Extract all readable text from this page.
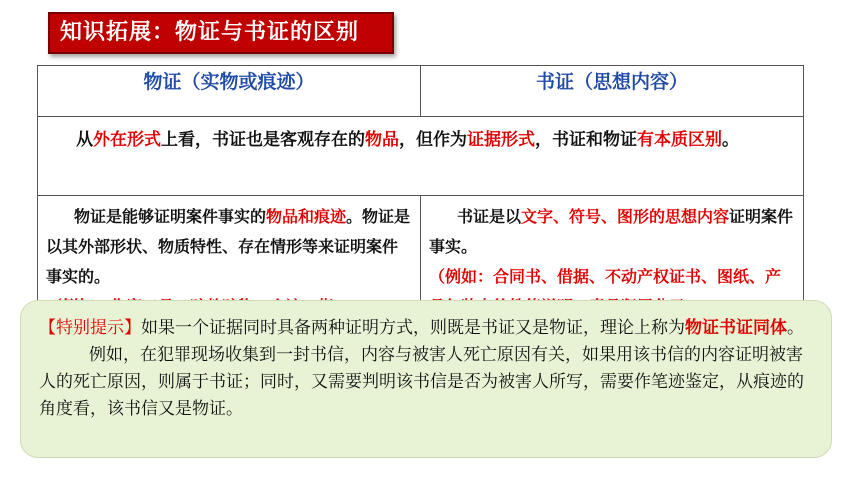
知识拓展：物证与书证的区别
物证（实物或痕迹）	书证（思想内容）
从外在形式上看，书证也是客观存在的物品，但作为证据形式，书证和物证有本质区别。	

物证是能够证明案件事实的物品和痕迹。物证是以其外部形状、物质特性、存在情形等来证明案件事实的。	书证是以文字、符号、图形的思想内容证明案件事实。
（例如：合同书、借据、不动产权证书、图纸、产
【特别提示】如果一个证据同时具备两种证明方式，则既是书证又是物证，理论上称为物证书证同体。
例如，在犯罪现场收集到一封书信，内容与被害人死亡原因有关，如果用该书信的内容证明被害人的死亡原因，则属于书证；同时，又需要判明该书信是否为被害人所写，需要作笔迹鉴定，从痕迹的角度看，该书信又是物证。
